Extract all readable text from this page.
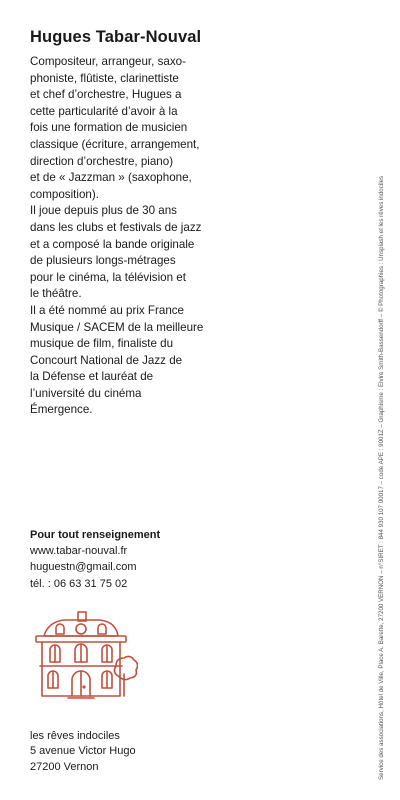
Hugues Tabar-Nouval
Compositeur, arrangeur, saxo-
phoniste, flûtiste, clarinettiste
et chef d’orchestre, Hugues a
cette particularité d’avoir à la
fois une formation de musicien
classique (écriture, arrangement,
direction d’orchestre, piano)
et de « Jazzman » (saxophone,
composition).
Il joue depuis plus de 30 ans
dans les clubs et festivals de jazz
et a composé la bande originale
de plusieurs longs-métrages
pour le cinéma, la télévision et
le théâtre.
Il a été nommé au prix France
Musique / SACEM de la meilleure
musique de film, finaliste du
Concourt National de Jazz de
la Défense et lauréat de
l’université du cinéma
Émergence.
Pour tout renseignement
www.tabar-nouval.fr
huguestn@gmail.com
tél. : 06 63 31 75 02
les rêves indociles
5 avenue Victor Hugo
27200 Vernon	Service des associations, Hôtel de Ville, Place A. Barette, 27200 VERNON – n°SIRET : 844 930 107 00017 – code APE : 9001Z – Graphisme : Elvire Smith-Bassendorff – © Photographies : Unsplash et les rêves indociles
